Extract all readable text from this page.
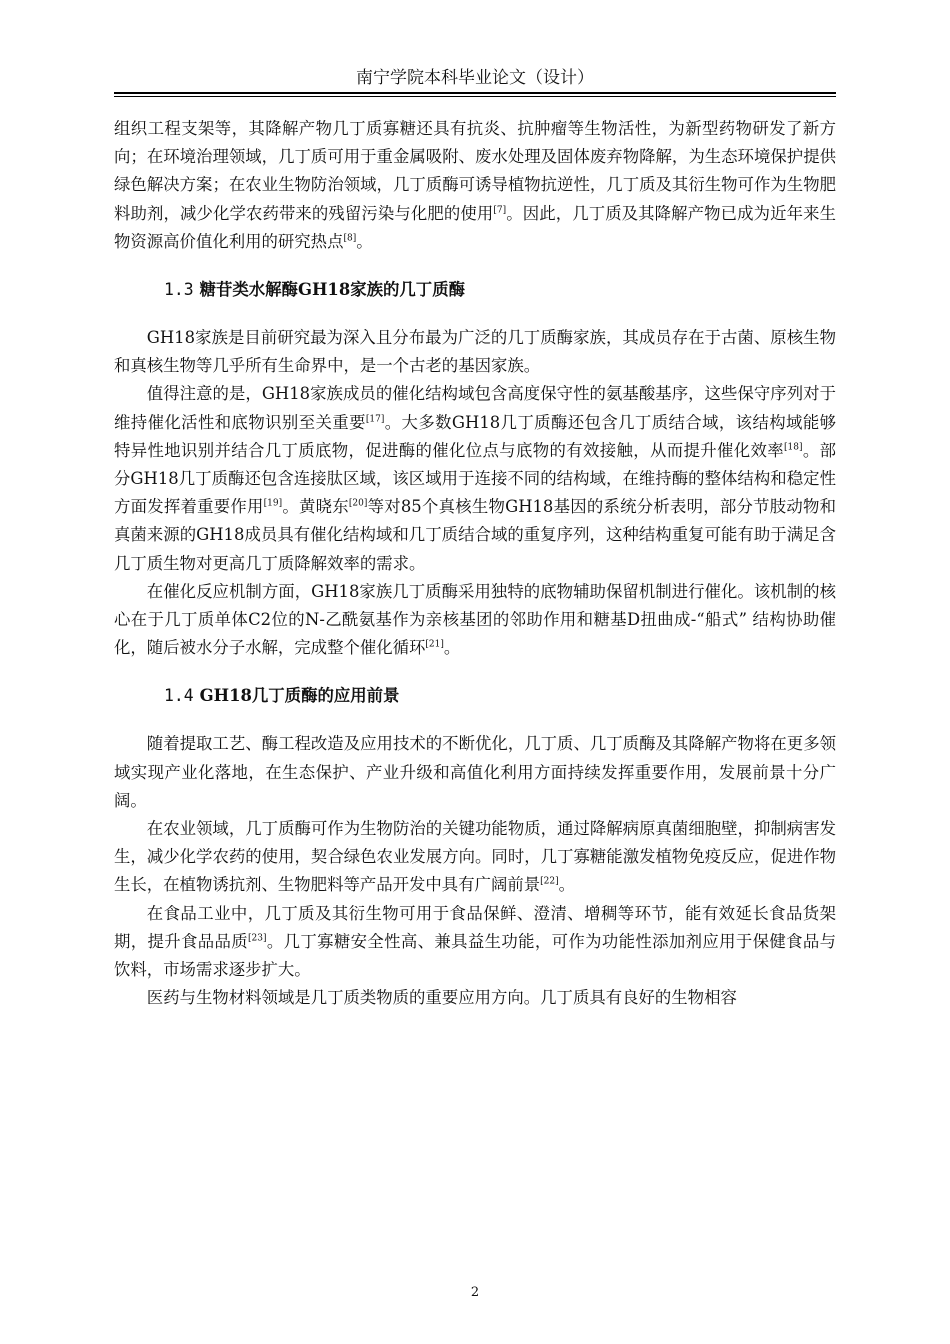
南宁学院本科毕业论文（设计）

组织工程支架等，其降解产物几丁质寡糖还具有抗炎、抗肿瘤等生物活性，为新型药物研发了新方向；在环境治理领域，几丁质可用于重金属吸附、废水处理及固体废弃物降解，为生态环境保护提供绿色解决方案；在农业生物防治领域，几丁质酶可诱导植物抗逆性，几丁质及其衍生物可作为生物肥料助剂，减少化学农药带来的残留污染与化肥的使用[7]。因此，几丁质及其降解产物已成为近年来生物资源高价值化利用的研究热点[8]。

1.3 糖苷类水解酶GH18家族的几丁质酶

GH18家族是目前研究最为深入且分布最为广泛的几丁质酶家族，其成员存在于古菌、原核生物和真核生物等几乎所有生命界中，是一个古老的基因家族。

值得注意的是，GH18家族成员的催化结构域包含高度保守性的氨基酸基序，这些保守序列对于维持催化活性和底物识别至关重要[17]。大多数GH18几丁质酶还包含几丁质结合域，该结构域能够特异性地识别并结合几丁质底物，促进酶的催化位点与底物的有效接触，从而提升催化效率[18]。部分GH18几丁质酶还包含连接肽区域，该区域用于连接不同的结构域，在维持酶的整体结构和稳定性方面发挥着重要作用[19]。黄晓东[20]等对85个真核生物GH18基因的系统分析表明，部分节肢动物和真菌来源的GH18成员具有催化结构域和几丁质结合域的重复序列，这种结构重复可能有助于满足含几丁质生物对更高几丁质降解效率的需求。

在催化反应机制方面，GH18家族几丁质酶采用独特的底物辅助保留机制进行催化。该机制的核心在于几丁质单体C2位的N-乙酰氨基作为亲核基团的邻助作用和糖基D扭曲成-“船式” 结构协助催化，随后被水分子水解，完成整个催化循环[21]。

1.4 GH18几丁质酶的应用前景

随着提取工艺、酶工程改造及应用技术的不断优化，几丁质、几丁质酶及其降解产物将在更多领域实现产业化落地，在生态保护、产业升级和高值化利用方面持续发挥重要作用，发展前景十分广阔。

在农业领域，几丁质酶可作为生物防治的关键功能物质，通过降解病原真菌细胞壁，抑制病害发生，减少化学农药的使用，契合绿色农业发展方向。同时，几丁寡糖能激发植物免疫反应，促进作物生长，在植物诱抗剂、生物肥料等产品开发中具有广阔前景[22]。

在食品工业中，几丁质及其衍生物可用于食品保鲜、澄清、增稠等环节，能有效延长食品货架期，提升食品品质[23]。几丁寡糖安全性高、兼具益生功能，可作为功能性添加剂应用于保健食品与饮料，市场需求逐步扩大。

医药与生物材料领域是几丁质类物质的重要应用方向。几丁质具有良好的生物相容

2
